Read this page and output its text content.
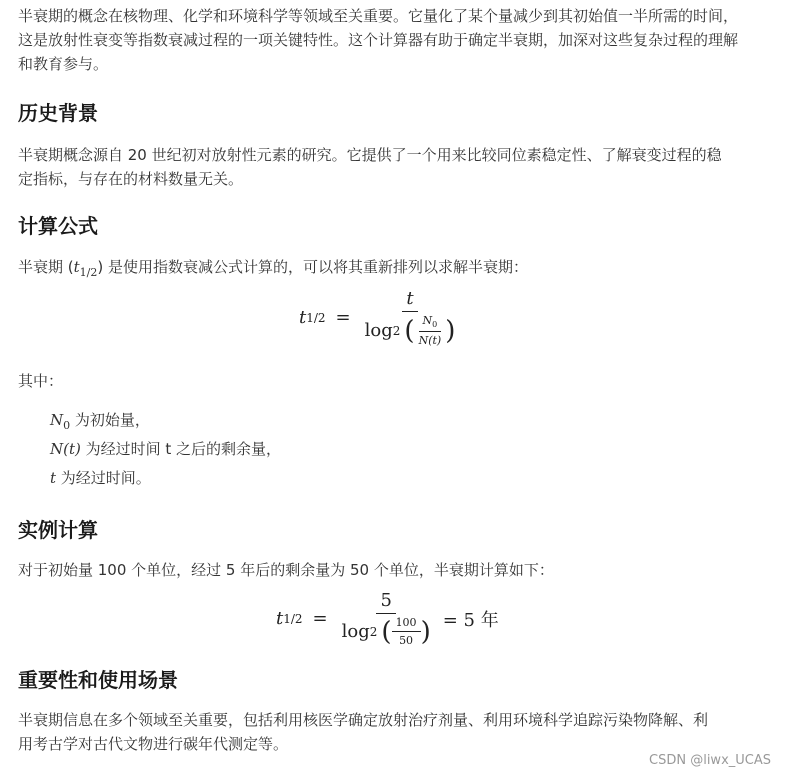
半衰期的概念在核物理、化学和环境科学等领域至关重要。它量化了某个量减少到其初始值一半所需的时间，这是放射性衰变等指数衰减过程的一项关键特性。这个计算器有助于确定半衰期，加深对这些复杂过程的理解和教育参与。

历史背景

半衰期概念源自 20 世纪初对放射性元素的研究。它提供了一个用来比较同位素稳定性、了解衰变过程的稳定指标，与存在的材料数量无关。

计算公式

半衰期 $(t_{1/2})$ 是使用指数衰减公式计算的，可以将其重新排列以求解半衰期：

t 1/2 =
t
log 2 ( $\frac{N_0}{N(t)}$ )

其中：

$N_0$ 为初始量，
N(t) 为经过时间 t 之后的剩余量，
t 为经过时间。
实例计算

对于初始量 100 个单位，经过 5 年后的剩余量为 50 个单位，半衰期计算如下：

t 1/2 =
5
log 2 ( $\frac{100}{50}$ ) = 5 年
重要性和使用场景

半衰期信息在多个领域至关重要，包括利用核医学确定放射治疗剂量、利用环境科学追踪污染物降解、利用考古学对古代文物进行碳年代测定等。

CSDN @liwx_UCAS
